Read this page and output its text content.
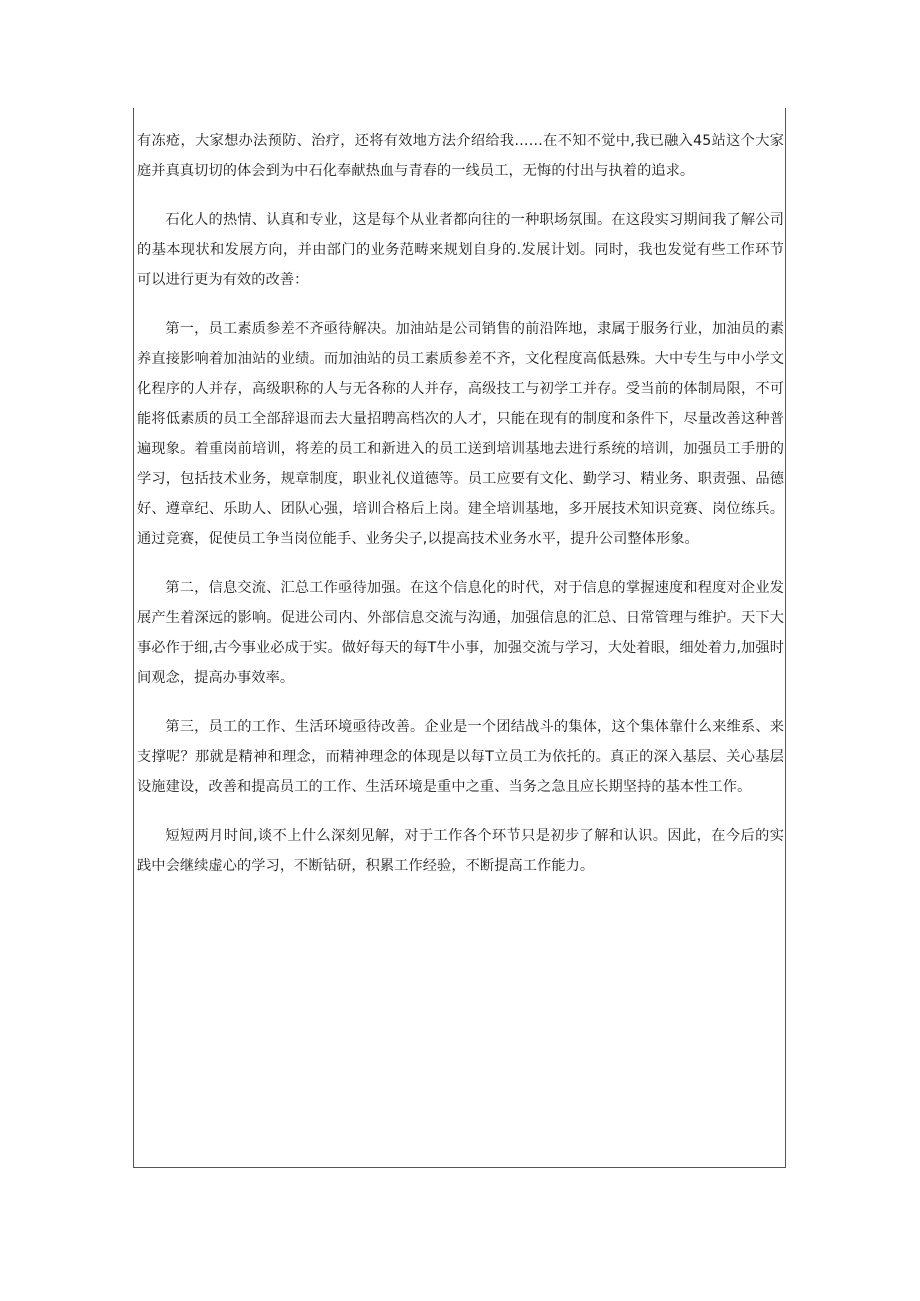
有冻疮，大家想办法预防、治疗，还将有效地方法介绍给我……在不知不觉中,我已融入45站这个大家庭并真真切切的体会到为中石化奉献热血与青春的一线员工，无悔的付出与执着的追求。

石化人的热情、认真和专业，这是每个从业者都向往的一种职场氛围。在这段实习期间我了解公司的基本现状和发展方向，并由部门的业务范畴来规划自身的.发展计划。同时，我也发觉有些工作环节可以进行更为有效的改善：

第一，员工素质参差不齐亟待解决。加油站是公司销售的前沿阵地，隶属于服务行业，加油员的素养直接影响着加油站的业绩。而加油站的员工素质参差不齐，文化程度高低悬殊。大中专生与中小学文化程序的人并存，高级职称的人与无各称的人并存，高级技工与初学工并存。受当前的体制局限，不可能将低素质的员工全部辞退而去大量招聘高档次的人才，只能在现有的制度和条件下，尽量改善这种普遍现象。着重岗前培训，将差的员工和新进入的员工送到培训基地去进行系统的培训，加强员工手册的学习，包括技术业务，规章制度，职业礼仪道德等。员工应要有文化、勤学习、精业务、职责强、品德好、遵章纪、乐助人、团队心强，培训合格后上岗。建全培训基地，多开展技术知识竞赛、岗位练兵。通过竞赛，促使员工争当岗位能手、业务尖子,以提高技术业务水平，提升公司整体形象。

第二，信息交流、汇总工作亟待加强。在这个信息化的时代，对于信息的掌握速度和程度对企业发展产生着深远的影响。促进公司内、外部信息交流与沟通，加强信息的汇总、日常管理与维护。天下大事必作于细,古今事业必成于实。做好每天的每T牛小事，加强交流与学习，大处着眼，细处着力,加强时间观念，提高办事效率。

第三，员工的工作、生活环境亟待改善。企业是一个团结战斗的集体，这个集体靠什么来维系、来支撑呢？那就是精神和理念，而精神理念的体现是以每T立员工为依托的。真正的深入基层、关心基层设施建设，改善和提高员工的工作、生活环境是重中之重、当务之急且应长期坚持的基本性工作。

短短两月时间,谈不上什么深刻见解，对于工作各个环节只是初步了解和认识。因此，在今后的实践中会继续虚心的学习，不断钻研，积累工作经验，不断提高工作能力。
